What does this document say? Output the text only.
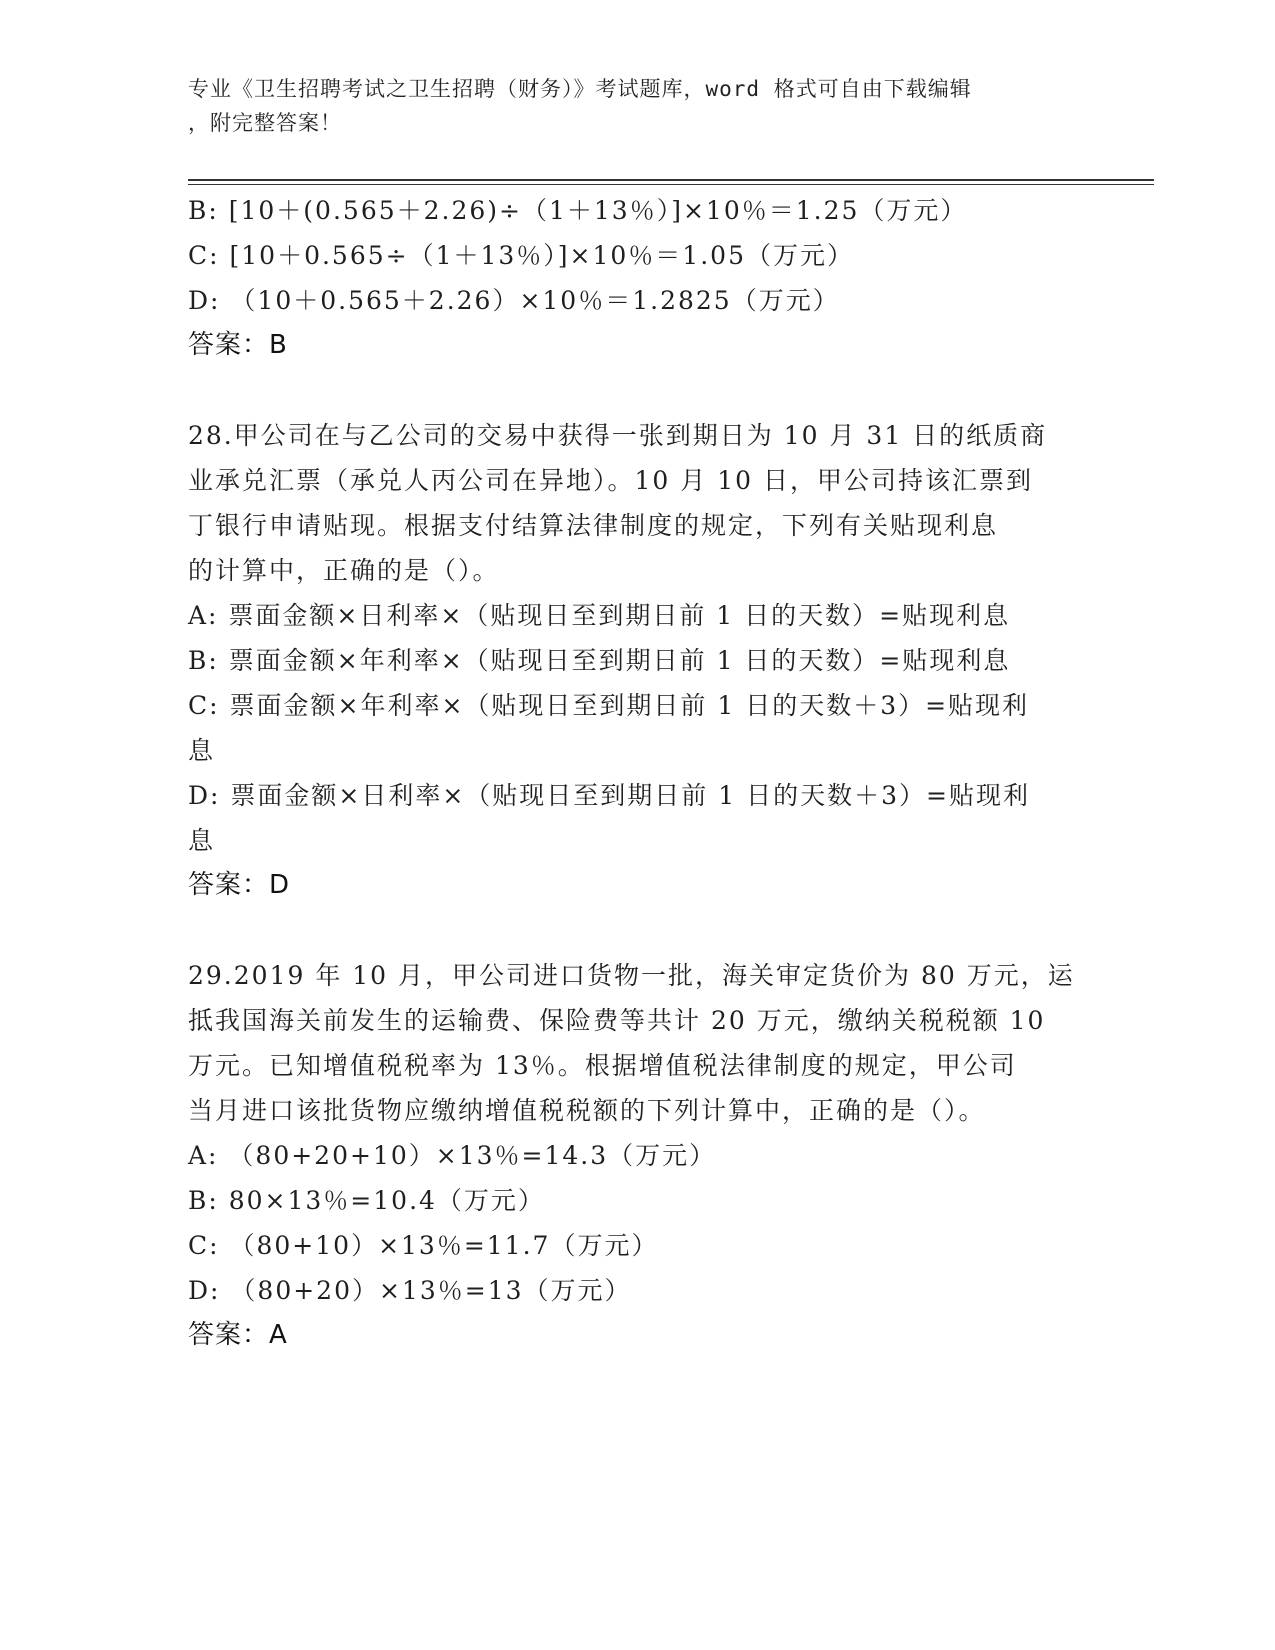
专业《卫生招聘考试之卫生招聘（财务）》考试题库，word 格式可自由下载编辑
，附完整答案！
B: [10＋(0.565＋2.26)÷（1＋13％）]×10％＝1.25（万元）
C: [10＋0.565÷（1＋13％）]×10％＝1.05（万元）
D: （10＋0.565＋2.26）×10％＝1.2825（万元）
答案：B
28.甲公司在与乙公司的交易中获得一张到期日为 10 月 31 日的纸质商
业承兑汇票（承兑人丙公司在异地）。10 月 10 日，甲公司持该汇票到
丁银行申请贴现。根据支付结算法律制度的规定，下列有关贴现利息
的计算中，正确的是（）。
A: 票面金额×日利率×（贴现日至到期日前 1 日的天数）=贴现利息
B: 票面金额×年利率×（贴现日至到期日前 1 日的天数）=贴现利息
C: 票面金额×年利率×（贴现日至到期日前 1 日的天数＋3）=贴现利
息
D: 票面金额×日利率×（贴现日至到期日前 1 日的天数＋3）=贴现利
息
答案：D
29.2019 年 10 月，甲公司进口货物一批，海关审定货价为 80 万元，运
抵我国海关前发生的运输费、保险费等共计 20 万元，缴纳关税税额 10
万元。已知增值税税率为 13％。根据增值税法律制度的规定，甲公司
当月进口该批货物应缴纳增值税税额的下列计算中，正确的是（）。
A: （80+20+10）×13％=14.3（万元）
B: 80×13％=10.4（万元）
C: （80+10）×13％=11.7（万元）
D: （80+20）×13％=13（万元）
答案：A
